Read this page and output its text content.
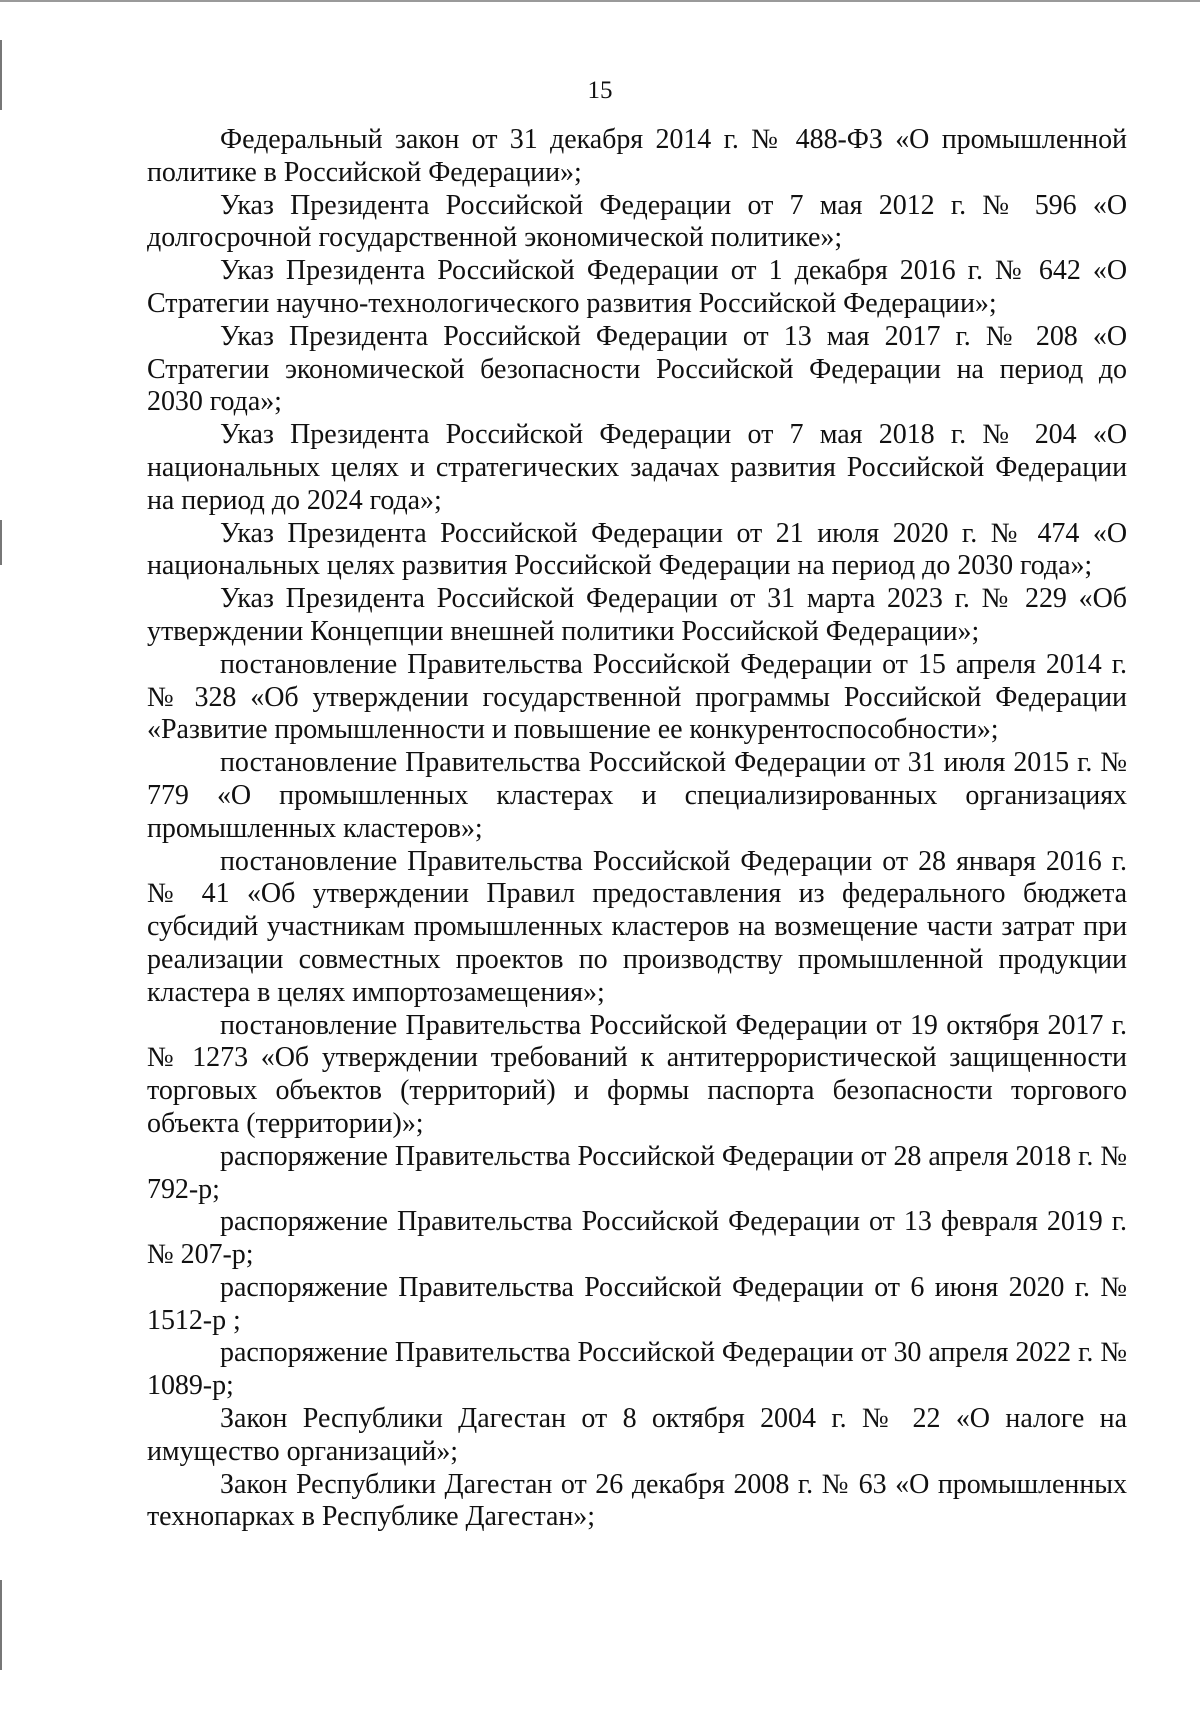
15

Федеральный закон от 31 декабря 2014 г. № 488-ФЗ «О промышленной политике в Российской Федерации»;

Указ Президента Российской Федерации от 7 мая 2012 г. № 596 «О долгосрочной государственной экономической политике»;

Указ Президента Российской Федерации от 1 декабря 2016 г. № 642 «О Стратегии научно-технологического развития Российской Федерации»;

Указ Президента Российской Федерации от 13 мая 2017 г. № 208 «О Стратегии экономической безопасности Российской Федерации на период до 2030 года»;

Указ Президента Российской Федерации от 7 мая 2018 г. № 204 «О национальных целях и стратегических задачах развития Российской Федерации на период до 2024 года»;

Указ Президента Российской Федерации от 21 июля 2020 г. № 474 «О национальных целях развития Российской Федерации на период до 2030 года»;

Указ Президента Российской Федерации от 31 марта 2023 г. № 229 «Об утверждении Концепции внешней политики Российской Федерации»;

постановление Правительства Российской Федерации от 15 апреля 2014 г. № 328 «Об утверждении государственной программы Российской Федерации «Развитие промышленности и повышение ее конкурентоспособности»;

постановление Правительства Российской Федерации от 31 июля 2015 г. № 779 «О промышленных кластерах и специализированных организациях промышленных кластеров»;

постановление Правительства Российской Федерации от 28 января 2016 г. № 41 «Об утверждении Правил предоставления из федерального бюджета субсидий участникам промышленных кластеров на возмещение части затрат при реализации совместных проектов по производству промышленной продукции кластера в целях импортозамещения»;

постановление Правительства Российской Федерации от 19 октября 2017 г. № 1273 «Об утверждении требований к антитеррористической защищенности торговых объектов (территорий) и формы паспорта безопасности торгового объекта (территории)»;

распоряжение Правительства Российской Федерации от 28 апреля 2018 г. № 792-р;

распоряжение Правительства Российской Федерации от 13 февраля 2019 г. № 207-р;

распоряжение Правительства Российской Федерации от 6 июня 2020 г. № 1512-р ;

распоряжение Правительства Российской Федерации от 30 апреля 2022 г. № 1089-р;

Закон Республики Дагестан от 8 октября 2004 г. № 22 «О налоге на имущество организаций»;

Закон Республики Дагестан от 26 декабря 2008 г. № 63 «О промышленных технопарках в Республике Дагестан»;
